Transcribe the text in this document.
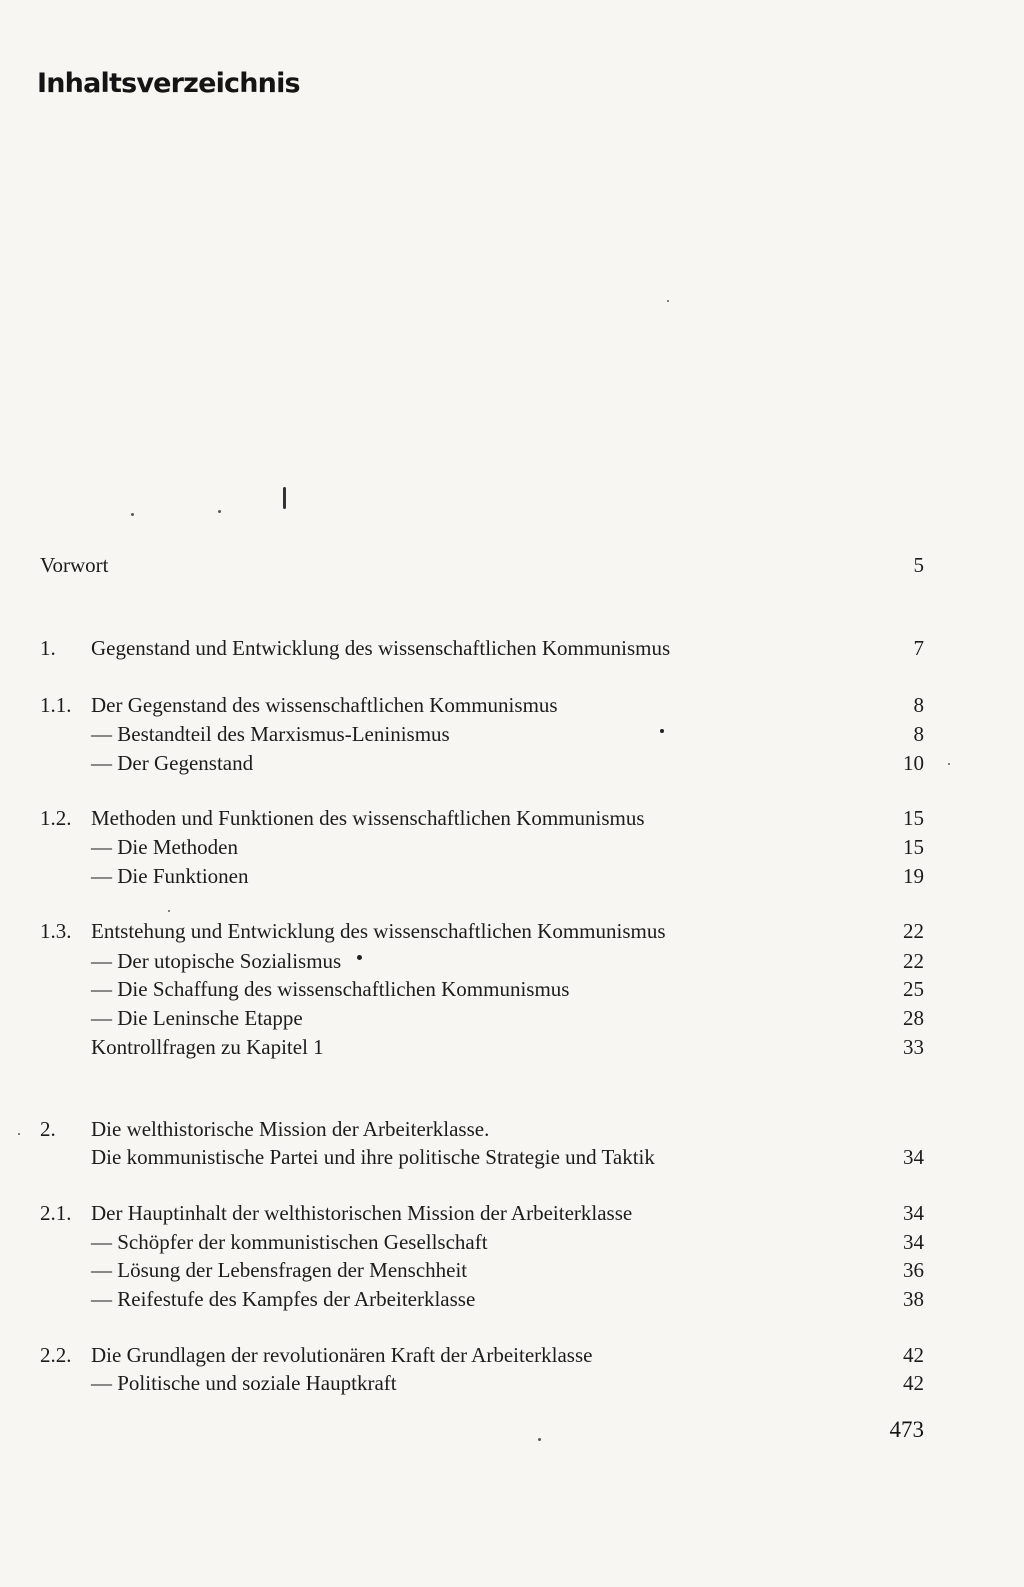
Inhaltsverzeichnis
Vorwort	5
1. Gegenstand und Entwicklung des wissenschaftlichen Kommunismus	7
1.1. Der Gegenstand des wissenschaftlichen Kommunismus	8
— Bestandteil des Marxismus-Leninismus	8
— Der Gegenstand	10
1.2. Methoden und Funktionen des wissenschaftlichen Kommunismus	15
— Die Methoden	15
— Die Funktionen	19
1.3. Entstehung und Entwicklung des wissenschaftlichen Kommunismus	22
— Der utopische Sozialismus	22
— Die Schaffung des wissenschaftlichen Kommunismus	25
— Die Leninsche Etappe	28
Kontrollfragen zu Kapitel 1	33
2. Die welthistorische Mission der Arbeiterklasse.
Die kommunistische Partei und ihre politische Strategie und Taktik	34
2.1. Der Hauptinhalt der welthistorischen Mission der Arbeiterklasse	34
— Schöpfer der kommunistischen Gesellschaft	34
— Lösung der Lebensfragen der Menschheit	36
— Reifestufe des Kampfes der Arbeiterklasse	38
2.2. Die Grundlagen der revolutionären Kraft der Arbeiterklasse	42
— Politische und soziale Hauptkraft	42
473
